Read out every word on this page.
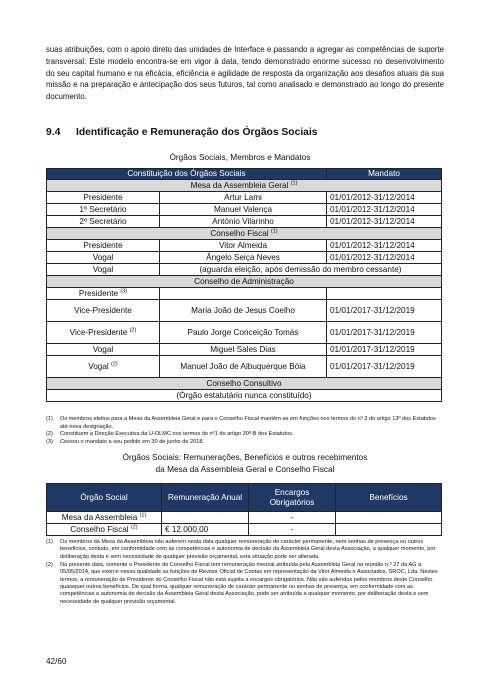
suas atribuições, com o apoio direto das unidades de Interface e passando a agregar as competências de suporte transversal. Este modelo encontra-se em vigor à data, tendo demonstrado enorme sucesso no desenvolvimento do seu capital humano e na eficácia, eficiência e agilidade de resposta da organização aos desafios atuais da sua missão e na preparação e antecipação dos seus futuros, tal como analisado e demonstrado ao longo do presente documento.

9.4 Identificação e Remuneração dos Órgãos Sociais
Órgãos Sociais, Membros e Mandatos
Constituição dos Órgãos Sociais		Mandato
Mesa da Assembleia Geral $^{(1)}$
Presidente	Artur Lami	01/01/2012-31/12/2014
1º Secretário	Manuel Valença	01/01/2012-31/12/2014
2º Secretário	António Vilarinho	01/01/2012-31/12/2014
Conselho Fiscal $^{(1)}$
Presidente	Vitor Almeida	01/01/2012-31/12/2014
Vogal	Ângelo Seiça Neves	01/01/2012-31/12/2014
Vogal	(aguarda eleição, após demissão do membro cessante)	
Conselho de Administração		
Presidente $^{(3)}$		
Vice-Presidente	Maria João de Jesus Coelho	01/01/2017-31/12/2019
Vice-Presidente $^{(2)}$	Paulo Jorge Conceição Tomás	01/01/2017-31/12/2019
Vogal	Miguel Sales Dias	01/01/2017-31/12/2019
Vogal $^{(2)}$	Manuel João de Albuquerque Bóia	01/01/2017-31/12/2019
Conselho Consultivo		
(Órgão estatutário nunca constituído)		
(1)	Os membros eleitos para a Mesa da Assembleia Geral e para o Conselho Fiscal mantêm-se em funções nos termos do nº 3 do artigo 13º dos Estatutos até nova designação.
(2)	Constituem a Direção Executiva da U-OLMC nos termos do nº1 do artigo 30º-B dos Estatutos.
(3)	Cessou o mandato a seu pedido em 30 de junho de 2018.
Órgãos Sociais: Remunerações, Benefícios e outros recebimentos
da Mesa da Assembleia Geral e Conselho Fiscal
Órgão Social	Remuneração Anual	Encargos Obrigatórios	Benefícios
Mesa da Assembleia $^{(1)}$		-	
Conselho Fiscal $^{(2)}$	€ 12.000,00	-	
(1)	Os membros da Mesa da Assembleia não auferem nesta data qualquer remuneração de carácter permanente, nem senhas de presença ou outros benefícios, contudo, em conformidade com as competências e autonomia de decisão da Assembleia Geral desta Associação, a qualquer momento, por deliberação desta e sem necessidade de qualquer previsão orçamental, esta situação pode ser alterada.
(2)	Na presente data, somente o Presidente do Conselho Fiscal tem remuneração mensal atribuída pela Assembleia Geral na reunião n.º 27 da AG a 05/05/2014, que exerce nessa qualidade as funções de Revisor Oficial de Contas em representação da Vitor Almeida e Associados, SROC, Lda. Nestes termos, a remuneração de Presidente do Conselho Fiscal não está sujeita a encargos obrigatórios. Não são auferidos pelos membros deste Conselho quaisquer outros benefícios. De qual forma, qualquer remuneração de carácter permanente ou senhas de presença, em conformidade com as competências e autonomia de decisão da Assembleia Geral desta Associação, pode ser atribuída a qualquer momento, por deliberação desta e sem necessidade de qualquer previsão orçamental.
42/60
